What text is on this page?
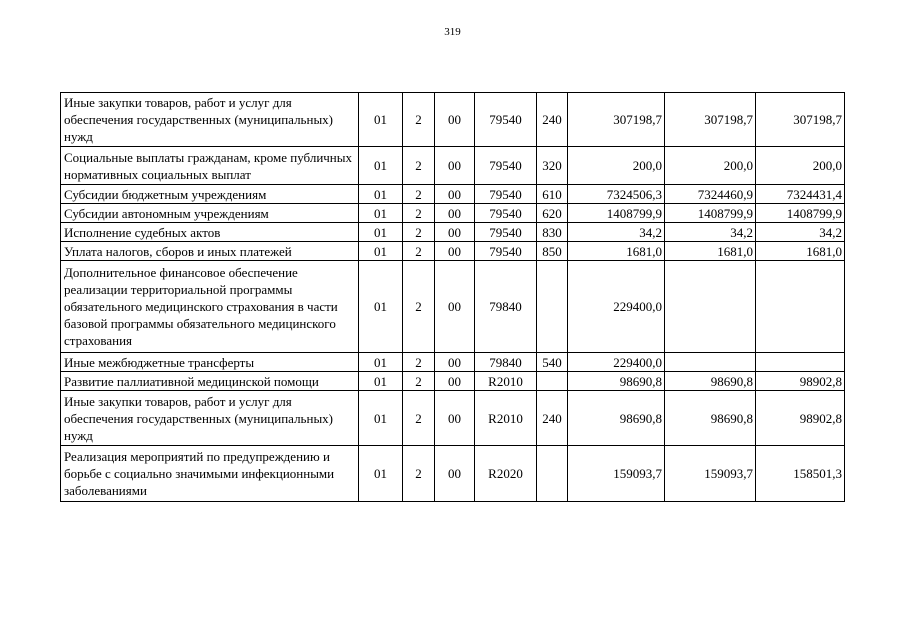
319
Иные закупки товаров, работ и услуг для обеспечения государственных (муниципальных) нужд	01	2	00	79540	240	307198,7	307198,7	307198,7
Социальные выплаты гражданам, кроме публичных нормативных социальных выплат	01	2	00	79540	320	200,0	200,0	200,0
Субсидии бюджетным учреждениям	01	2	00	79540	610	7324506,3	7324460,9	7324431,4
Субсидии автономным учреждениям	01	2	00	79540	620	1408799,9	1408799,9	1408799,9
Исполнение судебных актов	01	2	00	79540	830	34,2	34,2	34,2
Уплата налогов, сборов и иных платежей	01	2	00	79540	850	1681,0	1681,0	1681,0
Дополнительное финансовое обеспечение реализации территориальной программы обязательного медицинского страхования в части базовой программы обязательного медицинского страхования	01	2	00	79840		229400,0		
Иные межбюджетные трансферты	01	2	00	79840	540	229400,0		
Развитие паллиативной медицинской помощи	01	2	00	R2010		98690,8	98690,8	98902,8
Иные закупки товаров, работ и услуг для обеспечения государственных (муниципальных) нужд	01	2	00	R2010	240	98690,8	98690,8	98902,8
Реализация мероприятий по предупреждению и борьбе с социально значимыми инфекционными заболеваниями	01	2	00	R2020		159093,7	159093,7	158501,3
